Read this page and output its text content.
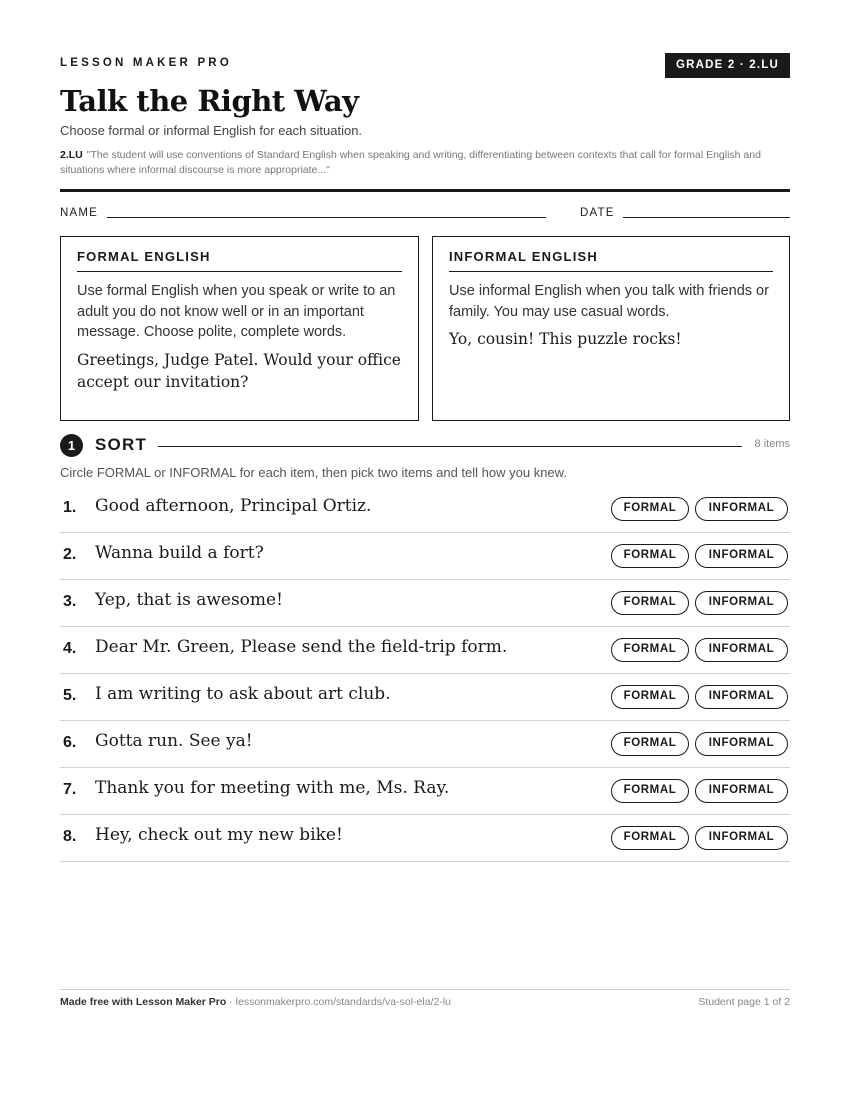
LESSON MAKER PRO	GRADE 2 · 2.LU
Talk the Right Way
Choose formal or informal English for each situation.
2.LU "The student will use conventions of Standard English when speaking and writing, differentiating between contexts that call for formal English and situations where informal discourse is more appropriate..."
NAME	DATE
FORMAL ENGLISH
Use formal English when you speak or write to an adult you do not know well or in an important message. Choose polite, complete words.
Greetings, Judge Patel. Would your office accept our invitation?
INFORMAL ENGLISH
Use informal English when you talk with friends or family. You may use casual words.
Yo, cousin! This puzzle rocks!
1	SORT	8 items
Circle FORMAL or INFORMAL for each item, then pick two items and tell how you knew.
1. Good afternoon, Principal Ortiz.	FORMAL	INFORMAL
2. Wanna build a fort?	FORMAL	INFORMAL
3. Yep, that is awesome!	FORMAL	INFORMAL
4. Dear Mr. Green, Please send the field-trip form.	FORMAL	INFORMAL
5. I am writing to ask about art club.	FORMAL	INFORMAL
6. Gotta run. See ya!	FORMAL	INFORMAL
7. Thank you for meeting with me, Ms. Ray.	FORMAL	INFORMAL
8. Hey, check out my new bike!	FORMAL	INFORMAL
Made free with Lesson Maker Pro · lessonmakerpro.com/standards/va-sol-ela/2-lu	Student page 1 of 2
